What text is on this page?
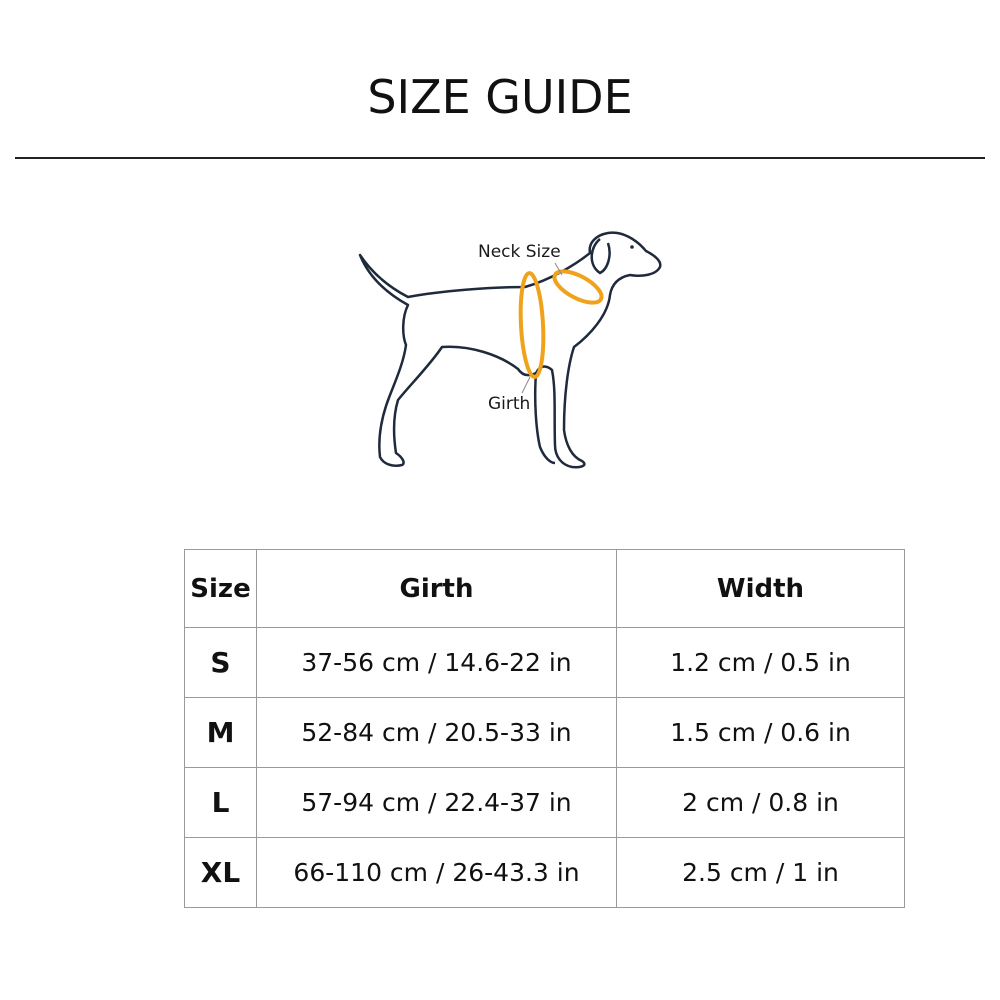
SIZE GUIDE
Neck Size
Girth
Size	Girth	Width
S	37-56 cm / 14.6-22 in	1.2 cm / 0.5 in
M	52-84 cm / 20.5-33 in	1.5 cm / 0.6 in
L	57-94 cm / 22.4-37 in	2 cm / 0.8 in
XL	66-110 cm / 26-43.3 in	2.5 cm / 1 in
